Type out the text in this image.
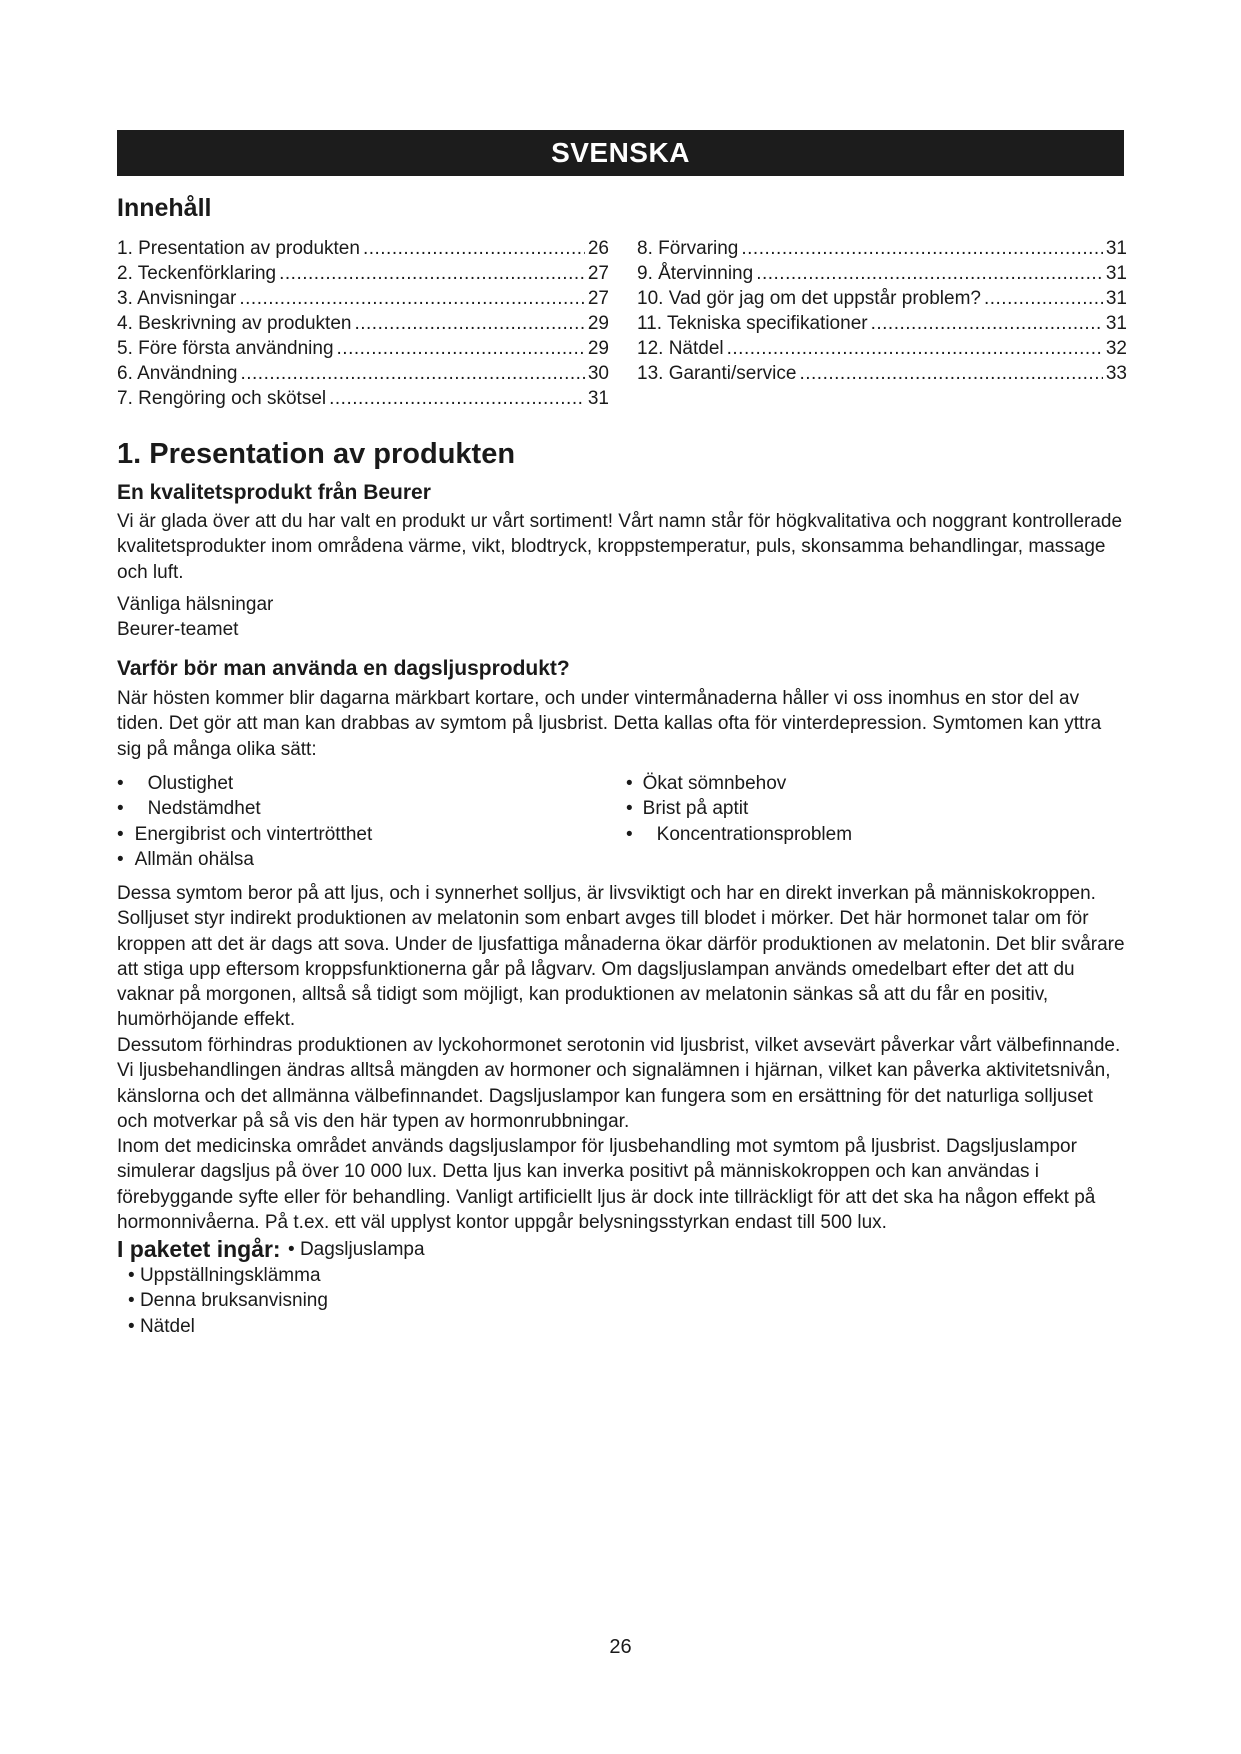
SVENSKA
Innehåll
1. Presentation av produkten .....	26
2. Teckenförklaring .....	27
3. Anvisningar .....	27
4. Beskrivning av produkten .....	29
5. Före första användning .....	29
6. Användning .....	30
7. Rengöring och skötsel .....	31
8. Förvaring .....	31
9. Återvinning .....	31
10. Vad gör jag om det uppstår problem? .....	31
11. Tekniska specifikationer .....	31
12. Nätdel .....	32
13. Garanti/service .....	33
1. Presentation av produkten
En kvalitetsprodukt från Beurer
Vi är glada över att du har valt en produkt ur vårt sortiment! Vårt namn står för högkvalitativa och noggrant kontrollerade kvalitetsprodukter inom områdena värme, vikt, blodtryck, kroppstemperatur, puls, skonsamma behandlingar, massage och luft.
Vänliga hälsningar
Beurer-teamet
Varför bör man använda en dagsljusprodukt?
När hösten kommer blir dagarna märkbart kortare, och under vintermånaderna håller vi oss inomhus en stor del av tiden. Det gör att man kan drabbas av symtom på ljusbrist. Detta kallas ofta för vinterdepression. Symtomen kan yttra sig på många olika sätt:
• Olustighet
• Nedstämdhet
• Energibrist och vintertrötthet
• Allmän ohälsa
• Ökat sömnbehov
• Brist på aptit
• Koncentrationsproblem
Dessa symtom beror på att ljus, och i synnerhet solljus, är livsviktigt och har en direkt inverkan på människokroppen. Solljuset styr indirekt produktionen av melatonin som enbart avges till blodet i mörker. Det här hormonet talar om för kroppen att det är dags att sova. Under de ljusfattiga månaderna ökar därför produktionen av melatonin. Det blir svårare att stiga upp eftersom kroppsfunktionerna går på lågvarv. Om dagsljuslampan används omedelbart efter det att du vaknar på morgonen, alltså så tidigt som möjligt, kan produktionen av melatonin sänkas så att du får en positiv, humörhöjande effekt.
Dessutom förhindras produktionen av lyckohormonet serotonin vid ljusbrist, vilket avsevärt påverkar vårt välbefinnande. Vi ljusbehandlingen ändras alltså mängden av hormoner och signalämnen i hjärnan, vilket kan påverka aktivitetsnivån, känslorna och det allmänna välbefinnandet. Dagsljuslampor kan fungera som en ersättning för det naturliga solljuset och motverkar på så vis den här typen av hormonrubbningar.
Inom det medicinska området används dagsljuslampor för ljusbehandling mot symtom på ljusbrist. Dagsljuslampor simulerar dagsljus på över 10 000 lux. Detta ljus kan inverka positivt på människokroppen och kan användas i förebyggande syfte eller för behandling. Vanligt artificiellt ljus är dock inte tillräckligt för att det ska ha någon effekt på hormonnivåerna. På t.ex. ett väl upplyst kontor uppgår belysningsstyrkan endast till 500 lux.
I paketet ingår: • Dagsljuslampa
• Uppställningsklämma
• Denna bruksanvisning
• Nätdel
26
